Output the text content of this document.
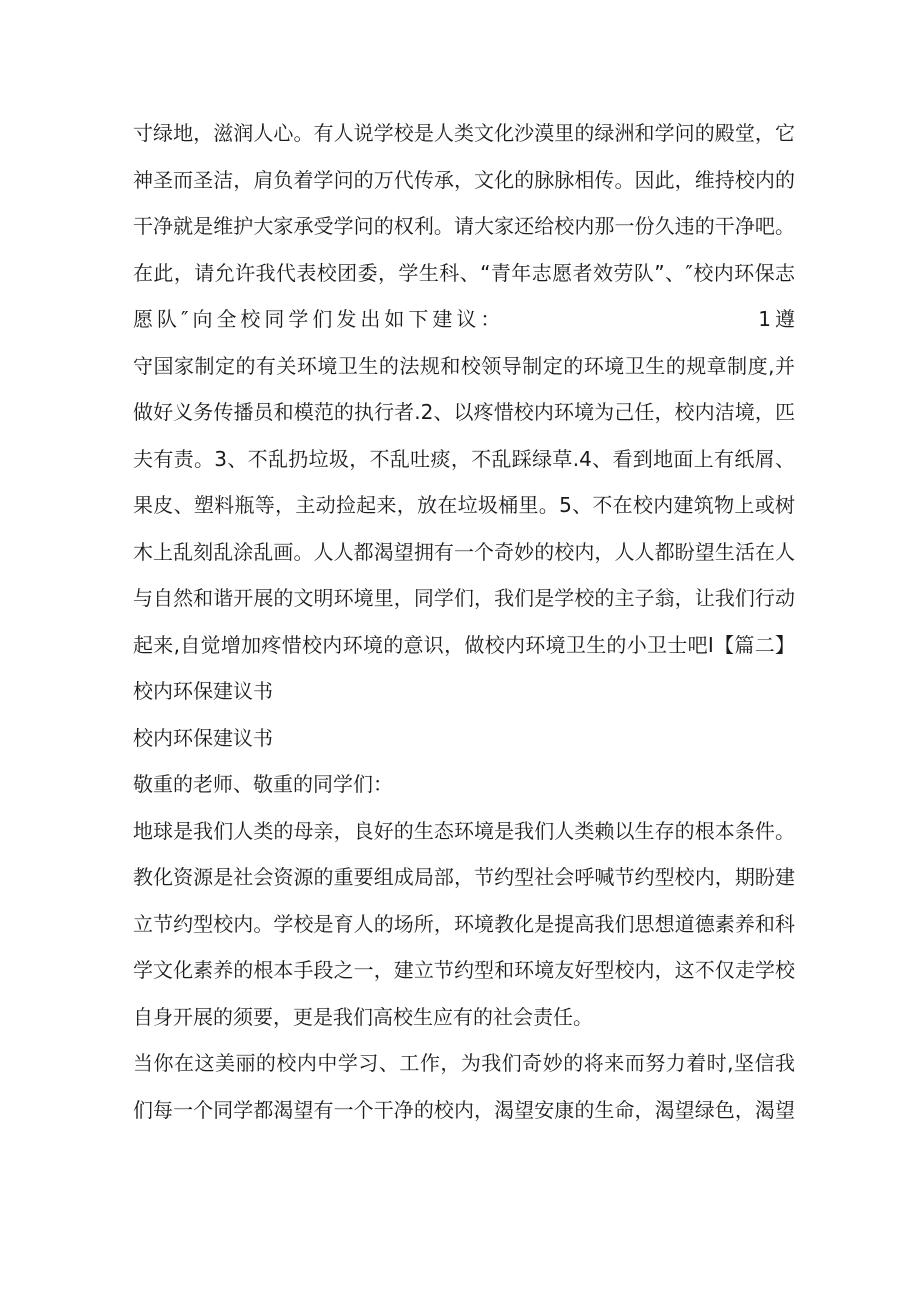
寸绿地，滋润人心。有人说学校是人类文化沙漠里的绿洲和学问的殿堂，它
神圣而圣洁，肩负着学问的万代传承，文化的脉脉相传。因此，维持校内的
干净就是维护大家承受学问的权利。请大家还给校内那一份久违的干净吧。
在此，请允许我代表校团委，学生科、“青年志愿者效劳队”、″校内环保志
愿队″向全校同学们发出如下建议：　　　　　　　　　　　1遵
守国家制定的有关环境卫生的法规和校领导制定的环境卫生的规章制度,并
做好义务传播员和模范的执行者.2、以疼惜校内环境为己任，校内洁境，匹
夫有责。3、不乱扔垃圾，不乱吐痰，不乱踩绿草.4、看到地面上有纸屑、
果皮、塑料瓶等，主动捡起来，放在垃圾桶里。5、不在校内建筑物上或树
木上乱刻乱涂乱画。人人都渴望拥有一个奇妙的校内，人人都盼望生活在人
与自然和谐开展的文明环境里，同学们，我们是学校的主子翁，让我们行动
起来,自觉增加疼惜校内环境的意识，做校内环境卫生的小卫士吧I【篇二】
校内环保建议书
校内环保建议书
敬重的老师、敬重的同学们：
地球是我们人类的母亲，良好的生态环境是我们人类赖以生存的根本条件。
教化资源是社会资源的重要组成局部，节约型社会呼喊节约型校内，期盼建
立节约型校内。学校是育人的场所，环境教化是提高我们思想道德素养和科
学文化素养的根本手段之一，建立节约型和环境友好型校内，这不仅走学校
自身开展的须要，更是我们高校生应有的社会责任。
当你在这美丽的校内中学习、工作，为我们奇妙的将来而努力着时,坚信我
们每一个同学都渴望有一个干净的校内，渴望安康的生命，渴望绿色，渴望
